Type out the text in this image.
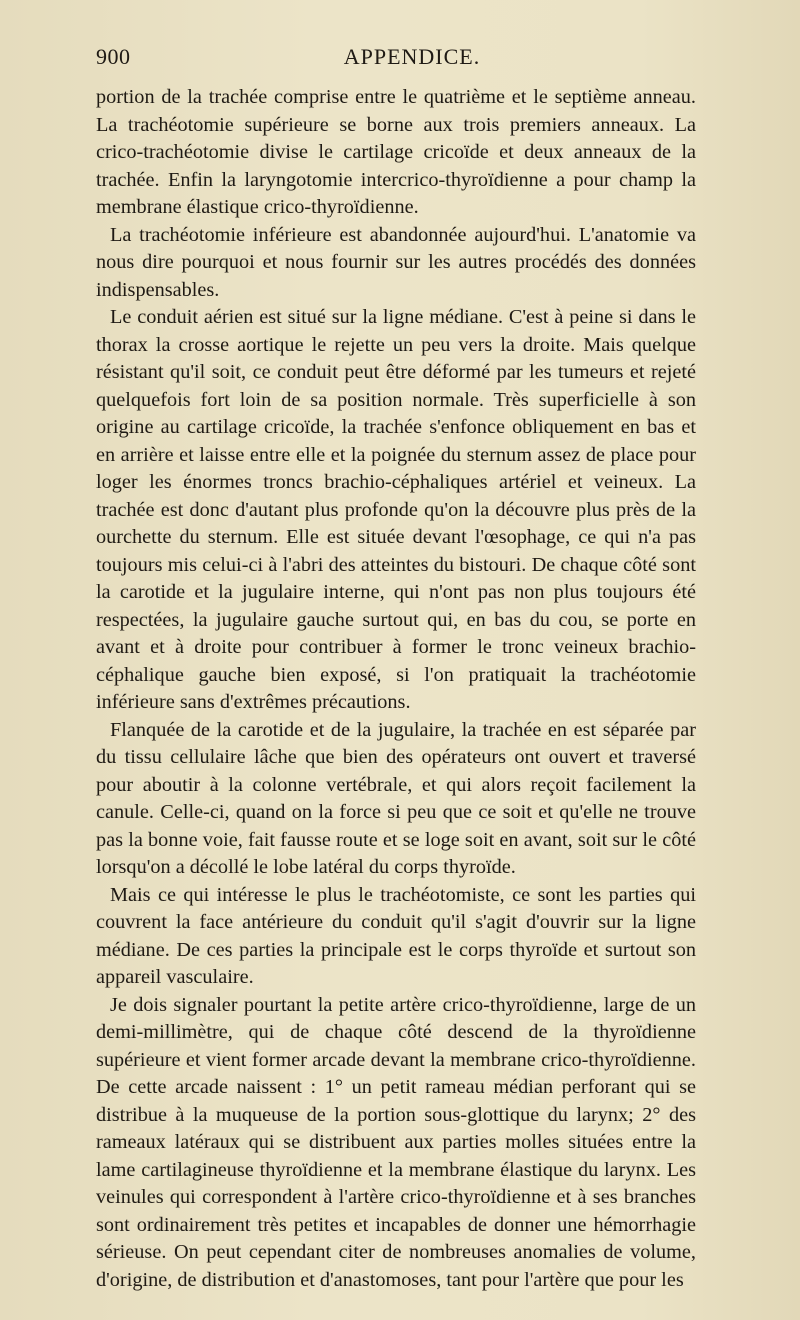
900	APPENDICE.

portion de la trachée comprise entre le quatrième et le septième anneau. La trachéotomie supérieure se borne aux trois premiers anneaux. La crico-trachéotomie divise le cartilage cricoïde et deux anneaux de la trachée. Enfin la laryngotomie intercrico-thyroïdienne a pour champ la membrane élastique crico-thyroïdienne.

La trachéotomie inférieure est abandonnée aujourd'hui. L'anatomie va nous dire pourquoi et nous fournir sur les autres procédés des données indispensables.

Le conduit aérien est situé sur la ligne médiane. C'est à peine si dans le thorax la crosse aortique le rejette un peu vers la droite. Mais quelque résistant qu'il soit, ce conduit peut être déformé par les tumeurs et rejeté quelquefois fort loin de sa position normale. Très superficielle à son origine au cartilage cricoïde, la trachée s'enfonce obliquement en bas et en arrière et laisse entre elle et la poignée du sternum assez de place pour loger les énormes troncs brachio-céphaliques artériel et veineux. La trachée est donc d'autant plus profonde qu'on la découvre plus près de la ourchette du sternum. Elle est située devant l'œsophage, ce qui n'a pas toujours mis celui-ci à l'abri des atteintes du bistouri. De chaque côté sont la carotide et la jugulaire interne, qui n'ont pas non plus toujours été respectées, la jugulaire gauche surtout qui, en bas du cou, se porte en avant et à droite pour contribuer à former le tronc veineux brachio-céphalique gauche bien exposé, si l'on pratiquait la trachéotomie inférieure sans d'extrêmes précautions.

Flanquée de la carotide et de la jugulaire, la trachée en est séparée par du tissu cellulaire lâche que bien des opérateurs ont ouvert et traversé pour aboutir à la colonne vertébrale, et qui alors reçoit facilement la canule. Celle-ci, quand on la force si peu que ce soit et qu'elle ne trouve pas la bonne voie, fait fausse route et se loge soit en avant, soit sur le côté lorsqu'on a décollé le lobe latéral du corps thyroïde.

Mais ce qui intéresse le plus le trachéotomiste, ce sont les parties qui couvrent la face antérieure du conduit qu'il s'agit d'ouvrir sur la ligne médiane. De ces parties la principale est le corps thyroïde et surtout son appareil vasculaire.

Je dois signaler pourtant la petite artère crico-thyroïdienne, large de un demi-millimètre, qui de chaque côté descend de la thyroïdienne supérieure et vient former arcade devant la membrane crico-thyroïdienne. De cette arcade naissent : 1° un petit rameau médian perforant qui se distribue à la muqueuse de la portion sous-glottique du larynx; 2° des rameaux latéraux qui se distribuent aux parties molles situées entre la lame cartilagineuse thyroïdienne et la membrane élastique du larynx. Les veinules qui correspondent à l'artère crico-thyroïdienne et à ses branches sont ordinairement très petites et incapables de donner une hémorrhagie sérieuse. On peut cependant citer de nombreuses anomalies de volume, d'origine, de distribution et d'anastomoses, tant pour l'artère que pour les
